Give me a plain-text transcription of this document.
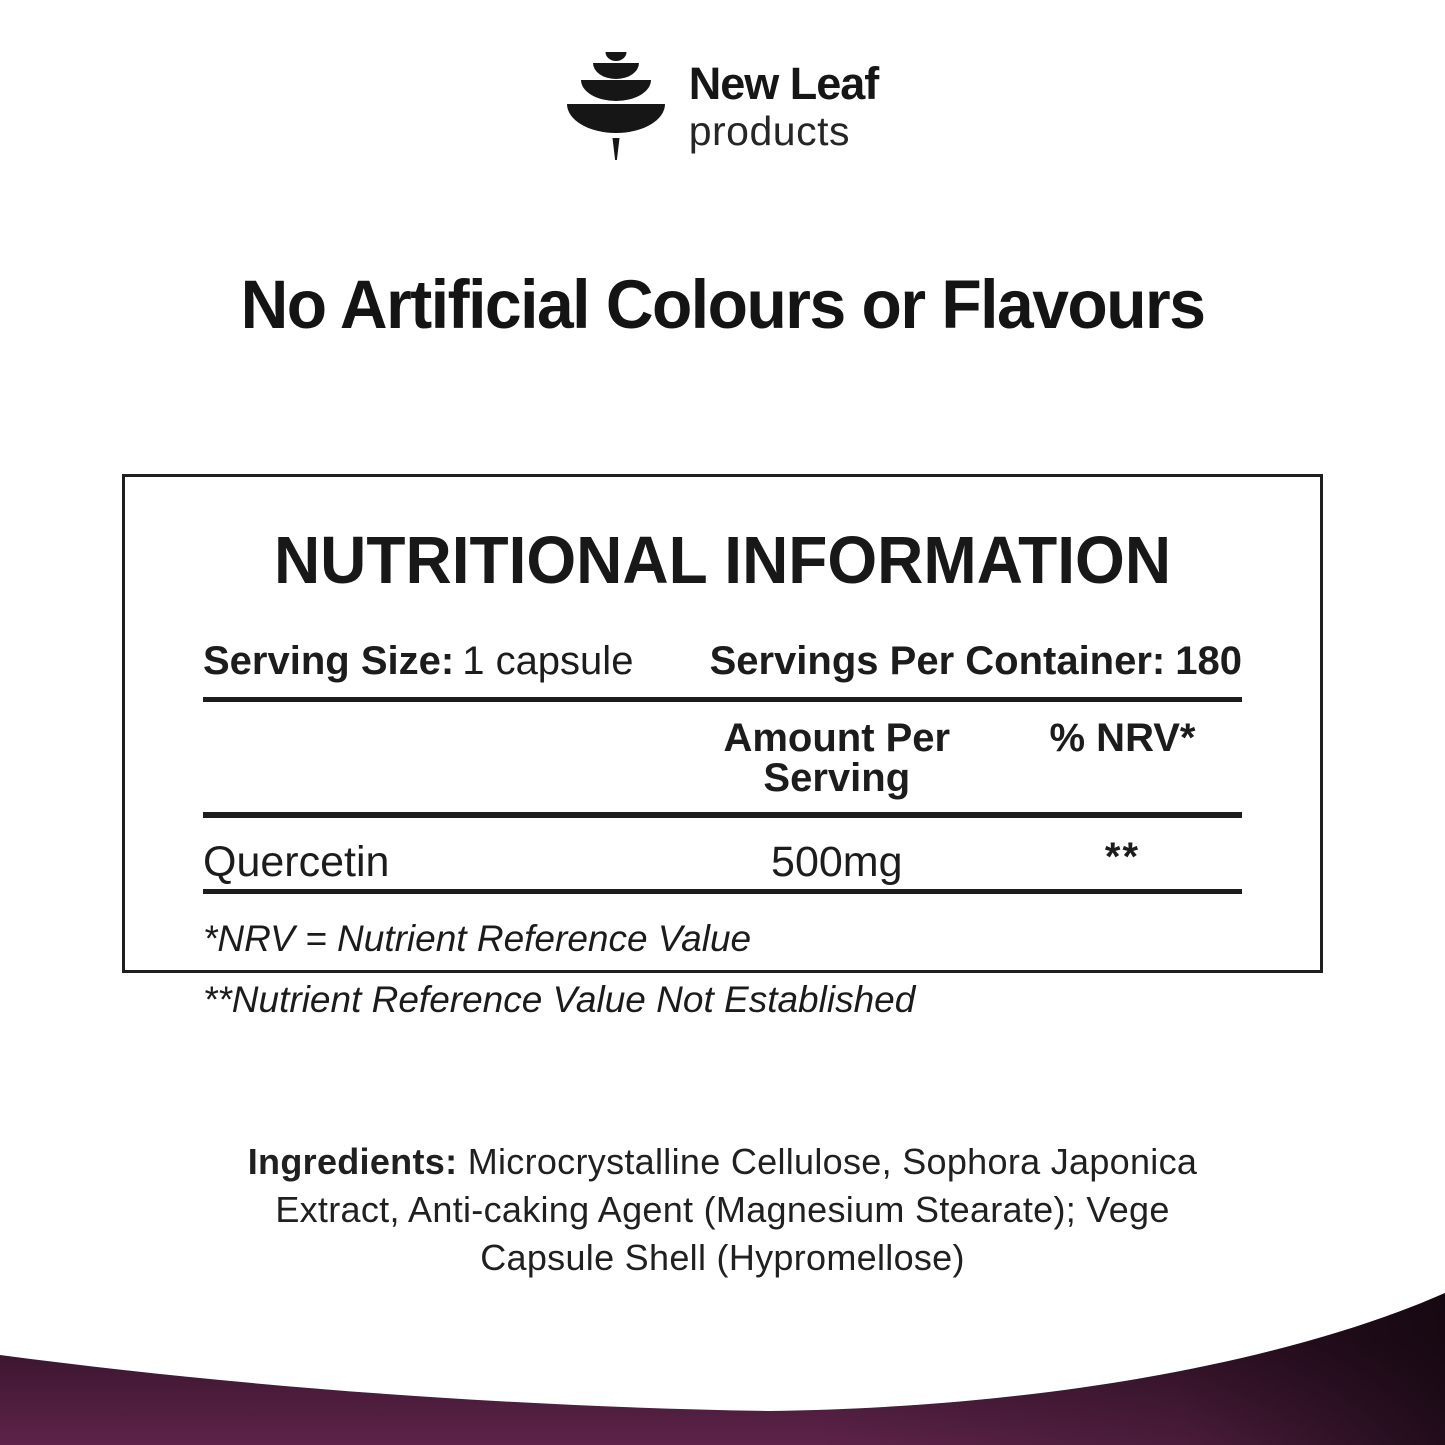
New Leaf
products
No Artificial Colours or Flavours
NUTRITIONAL INFORMATION
Serving Size: 1 capsule Servings Per Container: 180
Amount Per Serving
% NRV*
Quercetin	500mg	**

*NRV = Nutrient Reference Value

**Nutrient Reference Value Not Established

Ingredients: Microcrystalline Cellulose, Sophora Japonica
Extract, Anti-caking Agent (Magnesium Stearate); Vege
Capsule Shell (Hypromellose)
